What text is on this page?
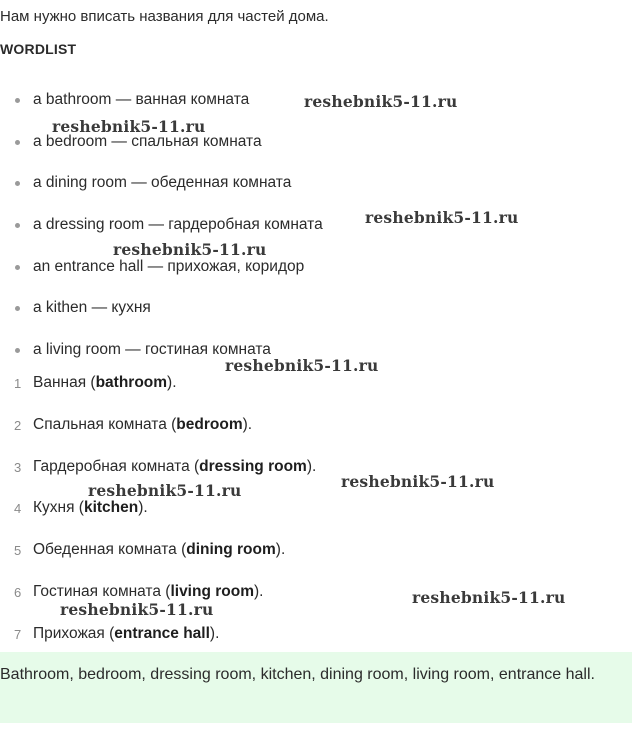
Нам нужно вписать названия для частей дома.
WORDLIST
a bathroom — ванная комната
a bedroom — спальная комната
a dining room — обеденная комната
a dressing room — гардеробная комната
an entrance hall — прихожая, коридор
a kithen — кухня
a living room — гостиная комната
1 Ванная (bathroom).
2 Спальная комната (bedroom).
3 Гардеробная комната (dressing room).
4 Кухня (kitchen).
5 Обеденная комната (dining room).
6 Гостиная комната (living room).
7 Прихожая (entrance hall).
Bathroom, bedroom, dressing room, kitchen, dining room, living room, entrance hall.
reshebnik5-11.ru
reshebnik5-11.ru
reshebnik5-11.ru
reshebnik5-11.ru
reshebnik5-11.ru
reshebnik5-11.ru
reshebnik5-11.ru
reshebnik5-11.ru
reshebnik5-11.ru
